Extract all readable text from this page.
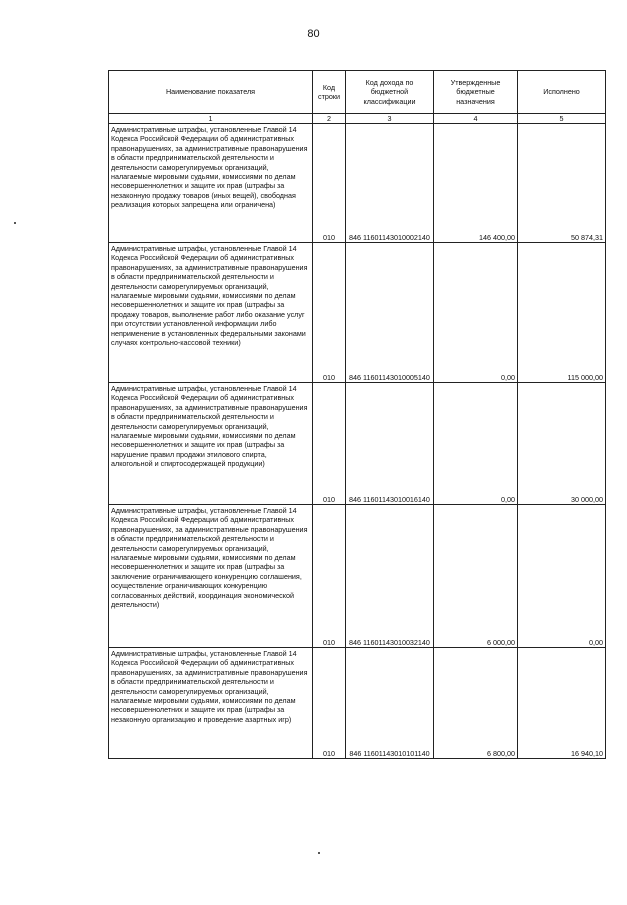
80
Наименование показателя	Код строки	Код дохода по бюджетной классификации	Утвержденные бюджетные назначения	Исполнено
1	2	3	4	5
Административные штрафы, установленные Главой 14 Кодекса Российской Федерации об административных правонарушениях, за административные правонарушения в области предпринимательской деятельности и деятельности саморегулируемых организаций, налагаемые мировыми судьями, комиссиями по делам несовершеннолетних и защите их прав (штрафы за незаконную продажу товаров (иных вещей), свободная реализация которых запрещена или ограничена)	010	846 11601143010002140	146 400,00	50 874,31
Административные штрафы, установленные Главой 14 Кодекса Российской Федерации об административных правонарушениях, за административные правонарушения в области предпринимательской деятельности и деятельности саморегулируемых организаций, налагаемые мировыми судьями, комиссиями по делам несовершеннолетних и защите их прав (штрафы за продажу товаров, выполнение работ либо оказание услуг при отсутствии установленной информации либо неприменение в установленных федеральными законами случаях контрольно-кассовой техники)	010	846 11601143010005140	0,00	115 000,00
Административные штрафы, установленные Главой 14 Кодекса Российской Федерации об административных правонарушениях, за административные правонарушения в области предпринимательской деятельности и деятельности саморегулируемых организаций, налагаемые мировыми судьями, комиссиями по делам несовершеннолетних и защите их прав (штрафы за нарушение правил продажи этилового спирта, алкогольной и спиртосодержащей продукции)	010	846 11601143010016140	0,00	30 000,00
Административные штрафы, установленные Главой 14 Кодекса Российской Федерации об административных правонарушениях, за административные правонарушения в области предпринимательской деятельности и деятельности саморегулируемых организаций, налагаемые мировыми судьями, комиссиями по делам несовершеннолетних и защите их прав (штрафы за заключение ограничивающего конкуренцию соглашения, осуществление ограничивающих конкуренцию согласованных действий, координация экономической деятельности)	010	846 11601143010032140	6 000,00	0,00
Административные штрафы, установленные Главой 14 Кодекса Российской Федерации об административных правонарушениях, за административные правонарушения в области предпринимательской деятельности и деятельности саморегулируемых организаций, налагаемые мировыми судьями, комиссиями по делам несовершеннолетних и защите их прав (штрафы за незаконную организацию и проведение азартных игр)	010	846 11601143010101140	6 800,00	16 940,10
